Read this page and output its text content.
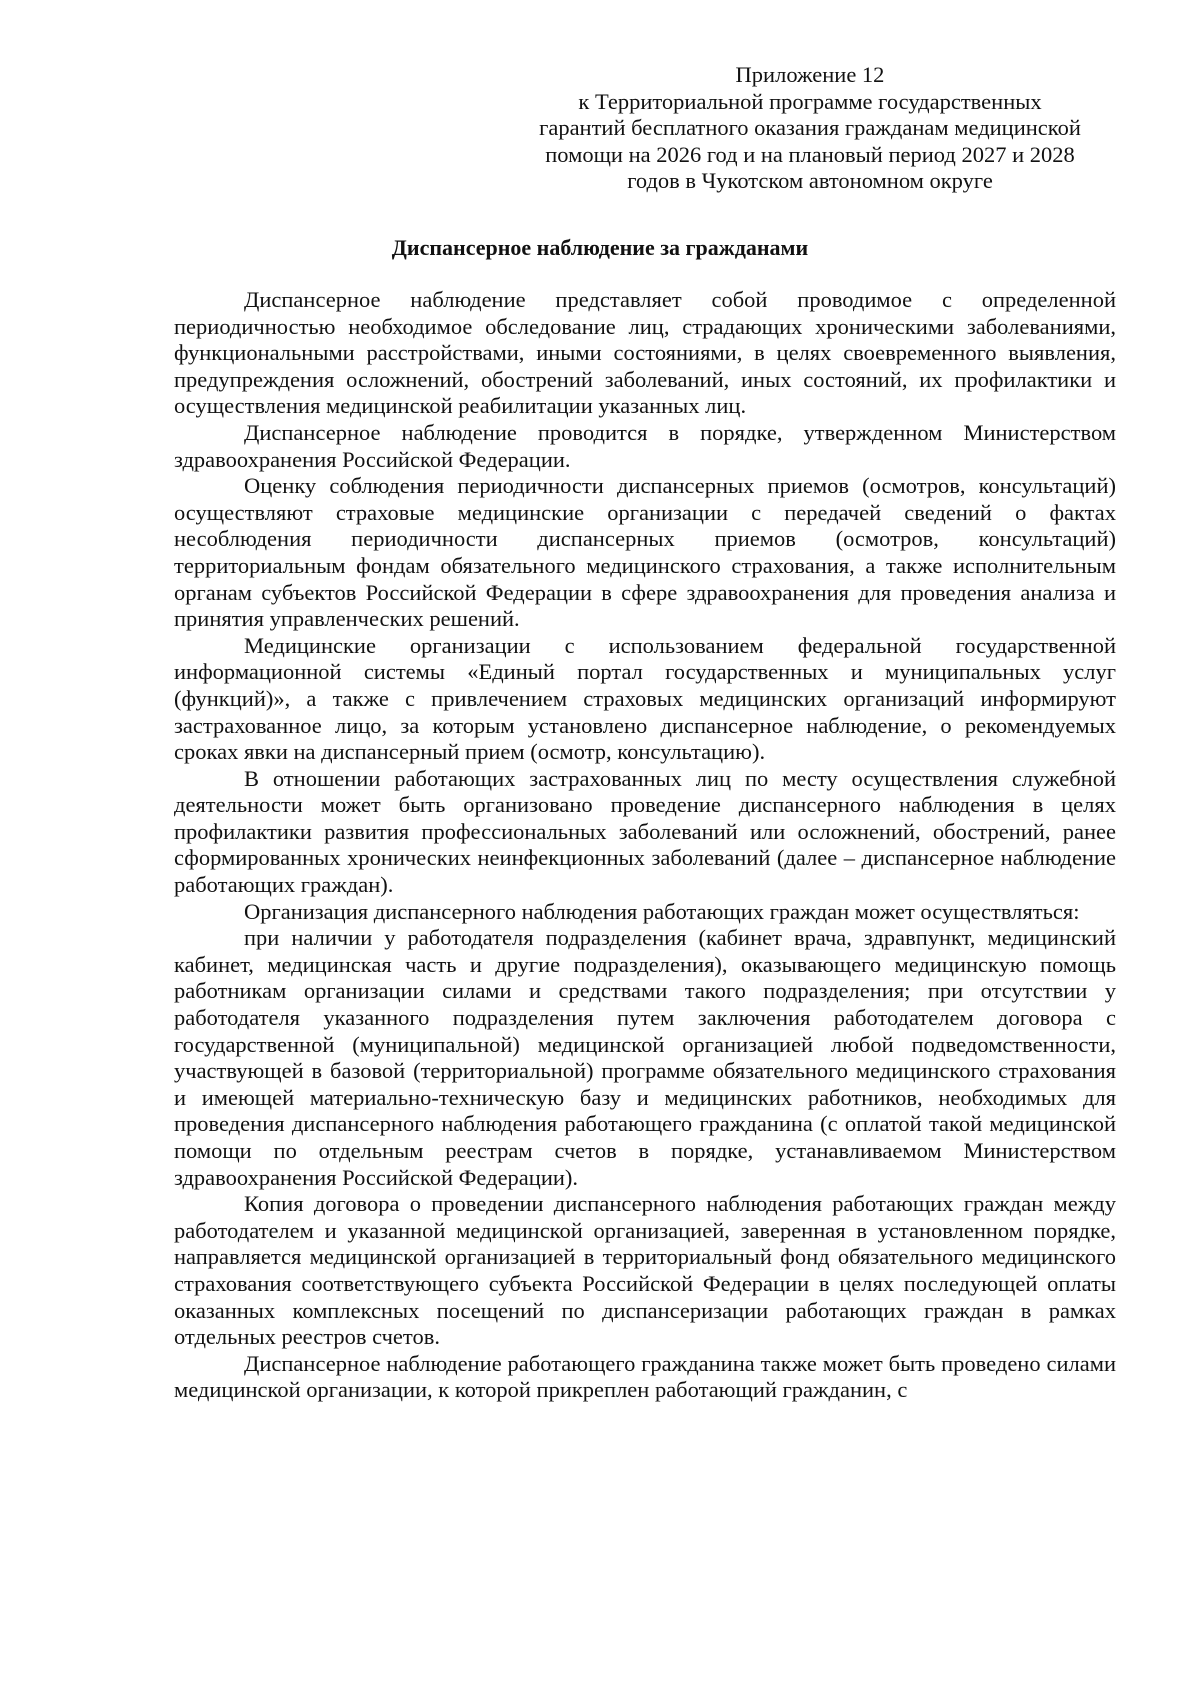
Приложение 12
к Территориальной программе государственных
гарантий бесплатного оказания гражданам медицинской
помощи на 2026 год и на плановый период 2027 и 2028
годов в Чукотском автономном округе
Диспансерное наблюдение за гражданами

Диспансерное наблюдение представляет собой проводимое с определенной периодичностью необходимое обследование лиц, страдающих хроническими заболеваниями, функциональными расстройствами, иными состояниями, в целях своевременного выявления, предупреждения осложнений, обострений заболеваний, иных состояний, их профилактики и осуществления медицинской реабилитации указанных лиц.

Диспансерное наблюдение проводится в порядке, утвержденном Министерством здравоохранения Российской Федерации.

Оценку соблюдения периодичности диспансерных приемов (осмотров, консультаций) осуществляют страховые медицинские организации с передачей сведений о фактах несоблюдения периодичности диспансерных приемов (осмотров, консультаций) территориальным фондам обязательного медицинского страхования, а также исполнительным органам субъектов Российской Федерации в сфере здравоохранения для проведения анализа и принятия управленческих решений.

Медицинские организации с использованием федеральной государственной информационной системы «Единый портал государственных и муниципальных услуг (функций)», а также с привлечением страховых медицинских организаций информируют застрахованное лицо, за которым установлено диспансерное наблюдение, о рекомендуемых сроках явки на диспансерный прием (осмотр, консультацию).

В отношении работающих застрахованных лиц по месту осуществления служебной деятельности может быть организовано проведение диспансерного наблюдения в целях профилактики развития профессиональных заболеваний или осложнений, обострений, ранее сформированных хронических неинфекционных заболеваний (далее – диспансерное наблюдение работающих граждан).

Организация диспансерного наблюдения работающих граждан может осуществляться:

при наличии у работодателя подразделения (кабинет врача, здравпункт, медицинский кабинет, медицинская часть и другие подразделения), оказывающего медицинскую помощь работникам организации силами и средствами такого подразделения; при отсутствии у работодателя указанного подразделения путем заключения работодателем договора с государственной (муниципальной) медицинской организацией любой подведомственности, участвующей в базовой (территориальной) программе обязательного медицинского страхования и имеющей материально-техническую базу и медицинских работников, необходимых для проведения диспансерного наблюдения работающего гражданина (с оплатой такой медицинской помощи по отдельным реестрам счетов в порядке, устанавливаемом Министерством здравоохранения Российской Федерации).

Копия договора о проведении диспансерного наблюдения работающих граждан между работодателем и указанной медицинской организацией, заверенная в установленном порядке, направляется медицинской организацией в территориальный фонд обязательного медицинского страхования соответствующего субъекта Российской Федерации в целях последующей оплаты оказанных комплексных посещений по диспансеризации работающих граждан в рамках отдельных реестров счетов.

Диспансерное наблюдение работающего гражданина также может быть проведено силами медицинской организации, к которой прикреплен работающий гражданин, с
